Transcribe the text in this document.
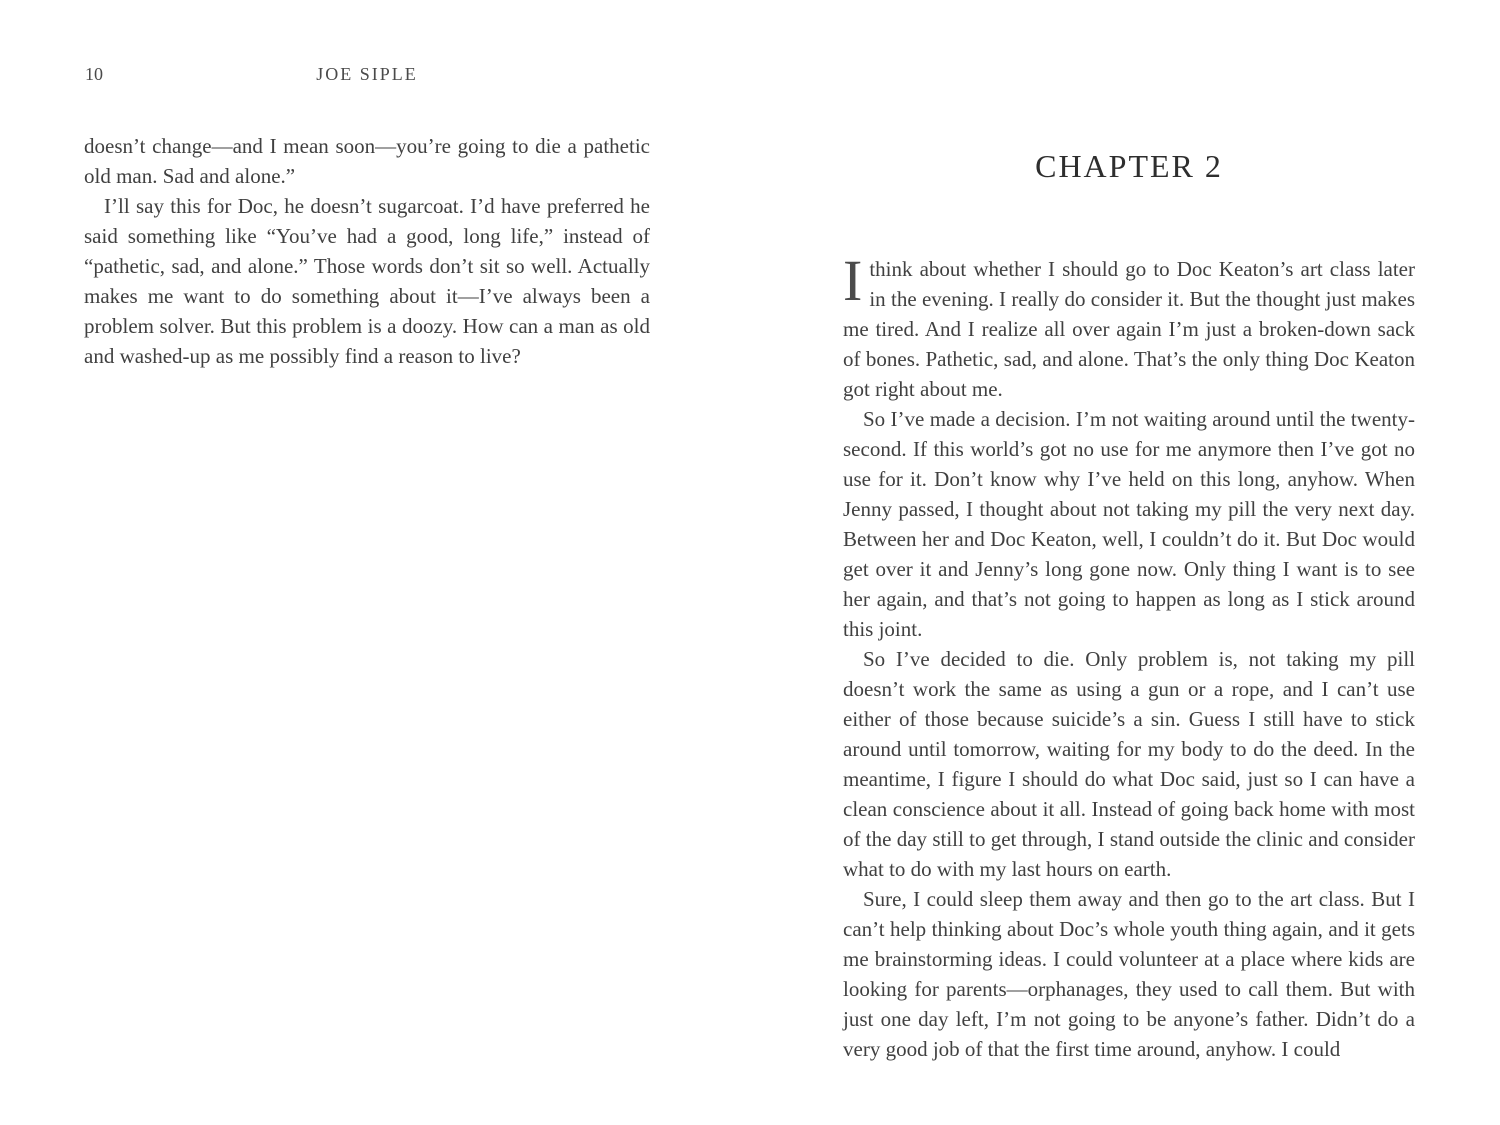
10	JOE SIPLE

doesn’t change—and I mean soon—you’re going to die a pathetic old man. Sad and alone.”

I’ll say this for Doc, he doesn’t sugarcoat. I’d have preferred he said something like “You’ve had a good, long life,” instead of “pathetic, sad, and alone.” Those words don’t sit so well. Actually makes me want to do something about it—I’ve always been a problem solver. But this problem is a doozy. How can a man as old and washed-up as me possibly find a reason to live?

CHAPTER 2

Ithink about whether I should go to Doc Keaton’s art class later in the evening. I really do consider it. But the thought just makes me tired. And I realize all over again I’m just a broken-down sack of bones. Pathetic, sad, and alone. That’s the only thing Doc Keaton got right about me.

So I’ve made a decision. I’m not waiting around until the twenty-second. If this world’s got no use for me anymore then I’ve got no use for it. Don’t know why I’ve held on this long, anyhow. When Jenny passed, I thought about not taking my pill the very next day. Between her and Doc Keaton, well, I couldn’t do it. But Doc would get over it and Jenny’s long gone now. Only thing I want is to see her again, and that’s not going to happen as long as I stick around this joint.

So I’ve decided to die. Only problem is, not taking my pill doesn’t work the same as using a gun or a rope, and I can’t use either of those because suicide’s a sin. Guess I still have to stick around until tomorrow, waiting for my body to do the deed. In the meantime, I figure I should do what Doc said, just so I can have a clean conscience about it all. Instead of going back home with most of the day still to get through, I stand outside the clinic and consider what to do with my last hours on earth.

Sure, I could sleep them away and then go to the art class. But I can’t help thinking about Doc’s whole youth thing again, and it gets me brainstorming ideas. I could volunteer at a place where kids are looking for parents—orphanages, they used to call them. But with just one day left, I’m not going to be anyone’s father. Didn’t do a very good job of that the first time around, anyhow. I could
